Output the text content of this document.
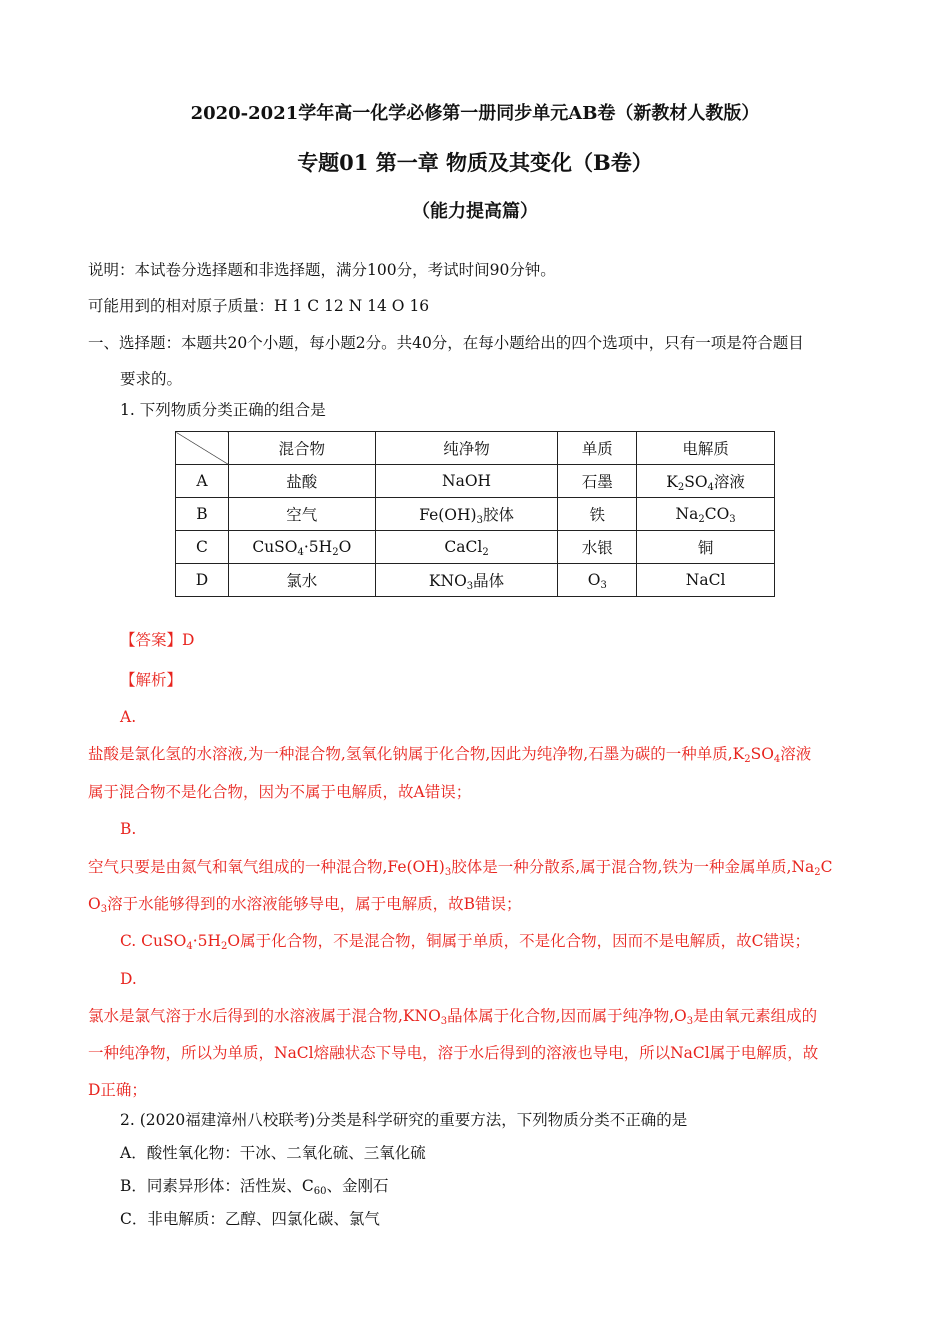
2020-2021学年高一化学必修第一册同步单元AB卷（新教材人教版）
专题01 第一章 物质及其变化（B卷）
（能力提高篇）
说明：本试卷分选择题和非选择题，满分100分，考试时间90分钟。
可能用到的相对原子质量：H 1 C 12 N 14 O 16
一、选择题：本题共20个小题，每小题2分。共40分，在每小题给出的四个选项中，只有一项是符合题目
要求的。
1. 下列物质分类正确的组合是
	混合物	纯净物	单质	电解质
A	盐酸	NaOH	石墨	$K_2SO_4$溶液
B	空气	$Fe(OH)_3$胶体	铁	$Na_2CO_3$
C	$CuSO_4\cdot 5H_2O$	CaCl$_2$	水银	铜
D	氯水	$KNO_3$晶体	$O_3$	NaCl
【答案】D
【解析】
A.
盐酸是氯化氢的水溶液,为一种混合物,氢氧化钠属于化合物,因此为纯净物,石墨为碳的一种单质$,K_2SO_4$溶液
属于混合物不是化合物，因为不属于电解质，故A错误；
B.
空气只要是由氮气和氧气组成的一种混合物$,Fe(OH)_3$胶体是一种分散系,属于混合物,铁为一种金属单质$,Na_2C$
$O_3$溶于水能够得到的水溶液能够导电，属于电解质，故B错误；
C. $CuSO_4\cdot 5H_2O$属于化合物，不是混合物，铜属于单质，不是化合物，因而不是电解质，故C错误；
D.
氯水是氯气溶于水后得到的水溶液属于混合物$,KNO_3$晶体属于化合物,因而属于纯净物$,O_3$是由氧元素组成的
一种纯净物，所以为单质，NaCl熔融状态下导电，溶于水后得到的溶液也导电，所以NaCl属于电解质，故
D正确；
2. (2020福建漳州八校联考)分类是科学研究的重要方法，下列物质分类不正确的是
A．酸性氧化物：干冰、二氧化硫、三氧化硫
B．同素异形体：活性炭、$C_{60}$、金刚石
C．非电解质：乙醇、四氯化碳、氯气
